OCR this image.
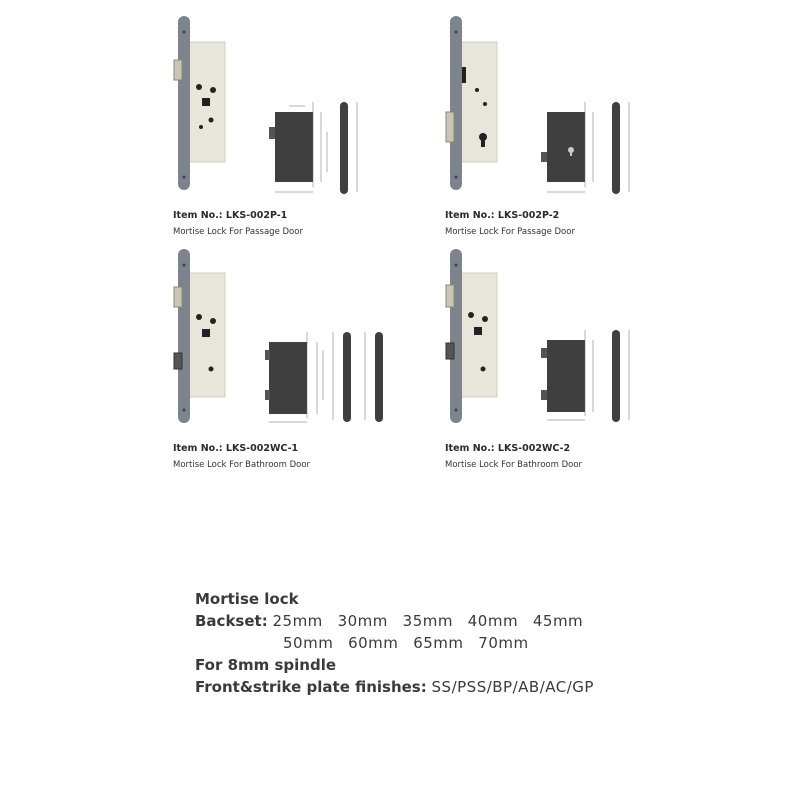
Item No.: LKS-002P-1
Mortise Lock For Passage Door
Item No.: LKS-002P-2
Mortise Lock For Passage Door
Item No.: LKS-002WC-1
Mortise Lock For Bathroom Door
Item No.: LKS-002WC-2
Mortise Lock For Bathroom Door
Mortise lock
Backset: 25mm 30mm 35mm 40mm 45mm
50mm 60mm 65mm 70mm
For 8mm spindle
Front&strike plate finishes: SS/PSS/BP/AB/AC/GP
